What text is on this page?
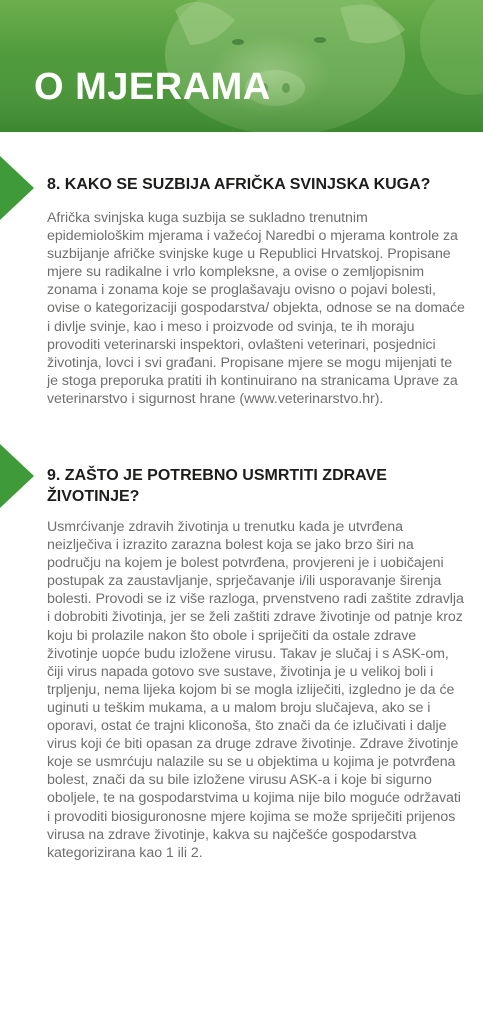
O MJERAMA
8. KAKO SE SUZBIJA AFRIČKA SVINJSKA KUGA?

Afrička svinjska kuga suzbija se sukladno trenutnim epidemiološkim mjerama i važećoj Naredbi o mjerama kontrole za suzbijanje afričke svinjske kuge u Republici Hrvatskoj. Propisane mjere su radikalne i vrlo kompleksne, a ovise o zemljopisnim zonama i zonama koje se proglašavaju ovisno o pojavi bolesti, ovise o kategorizaciji gospodarstva/ objekta, odnose se na domaće i divlje svinje, kao i meso i proizvode od svinja, te ih moraju provoditi veterinarski inspektori, ovlašteni veterinari, posjednici životinja, lovci i svi građani. Propisane mjere se mogu mijenjati te je stoga preporuka pratiti ih kontinuirano na stranicama Uprave za veterinarstvo i sigurnost hrane (www.veterinarstvo.hr).

9. ZAŠTO JE POTREBNO USMRTITI ZDRAVE ŽIVOTINJE?

Usmrćivanje zdravih životinja u trenutku kada je utvrđena neizlječiva i izrazito zarazna bolest koja se jako brzo širi na području na kojem je bolest potvrđena, provjereni je i uobičajeni postupak za zaustavljanje, sprječavanje i/ili usporavanje širenja bolesti. Provodi se iz više razloga, prvenstveno radi zaštite zdravlja i dobrobiti životinja, jer se želi zaštiti zdrave životinje od patnje kroz koju bi prolazile nakon što obole i spriječiti da ostale zdrave životinje uopće budu izložene virusu. Takav je slučaj i s ASK-om, čiji virus napada gotovo sve sustave, životinja je u velikoj boli i trpljenju, nema lijeka kojom bi se mogla izliječiti, izgledno je da će uginuti u teškim mukama, a u malom broju slučajeva, ako se i oporavi, ostat će trajni kliconoša, što znači da će izlučivati i dalje virus koji će biti opasan za druge zdrave životinje. Zdrave životinje koje se usmrćuju nalazile su se u objektima u kojima je potvrđena bolest, znači da su bile izložene virusu ASK-a i koje bi sigurno oboljele, te na gospodarstvima u kojima nije bilo moguće održavati i provoditi biosiguronosne mjere kojima se može spriječiti prijenos virusa na zdrave životinje, kakva su najčešće gospodarstva kategorizirana kao 1 ili 2.
